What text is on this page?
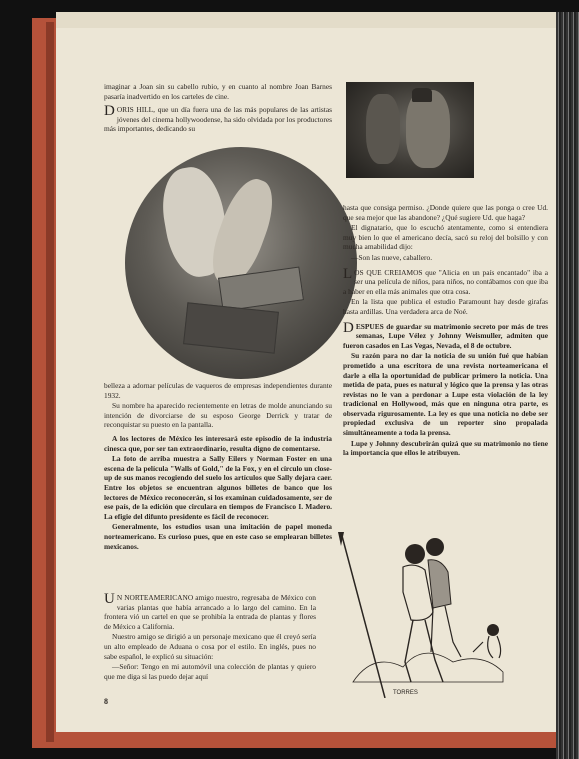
imaginar a Joan sin su cabello rubio, y en cuanto al nombre Joan Barnes pasaría inadvertido en los carteles de cine.

DORIS HILL, que un día fuera una de las más populares de las artistas jóvenes del cinema hollywoodense, ha sido olvidada por los productores más importantes, dedicando su

belleza a adornar películas de vaqueros de empresas independientes durante 1932.

Su nombre ha aparecido recientemente en letras de molde anunciando su intención de divorciarse de su esposo George Derrick y tratar de reconquistar su puesto en la pantalla.

A los lectores de México les interesará este episodio de la industria cinesca que, por ser tan extraordinario, resulta digno de comentarse.

La foto de arriba muestra a Sally Eilers y Norman Foster en una escena de la película "Walls of Gold," de la Fox, y en el círculo un close-up de sus manos recogiendo del suelo los artículos que Sally dejara caer. Entre los objetos se encuentran algunos billetes de banco que los lectores de México reconocerán, si los examinan cuidadosamente, ser de ese país, de la edición que circulara en tiempos de Francisco I. Madero. La efigie del difunto presidente es fácil de reconocer.

Generalmente, los estudios usan una imitación de papel moneda norteamericano. Es curioso pues, que en este caso se emplearan billetes mexicanos.

U N NORTEAMERICANO amigo nuestro, regresaba de México con varias plantas que había arrancado a lo largo del camino. En la frontera vió un cartel en que se prohibía la entrada de plantas y flores de México a California.

Nuestro amigo se dirigió a un personaje mexicano que él creyó sería un alto empleado de Aduana o cosa por el estilo. En inglés, pues no sabe español, le explicó su situación:

—Señor: Tengo en mi automóvil una colección de plantas y quiero que me diga si las puedo dejar aquí

hasta que consiga permiso. ¿Donde quiere que las ponga o cree Ud. que sea mejor que las abandone? ¿Qué sugiere Ud. que haga?

El dignatario, que lo escuchó atentamente, como si entendiera muy bien lo que el americano decía, sacó su reloj del bolsillo y con mucha amabilidad dijo:

—Son las nueve, caballero.

LOS QUE CREIAMOS que "Alicia en un país encantado" iba a ser una película de niños, para niños, no contábamos con que iba a haber en ella más animales que otra cosa.

En la lista que publica el estudio Paramount hay desde girafas hasta ardillas. Una verdadera arca de Noé.

DESPUES de guardar su matrimonio secreto por más de tres semanas, Lupe Vélez y Johnny Weismuller, admiten que fueron casados en Las Vegas, Nevada, el 8 de octubre.

Su razón para no dar la noticia de su unión fué que habían prometido a una escritora de una revista norteamericana el darle a ella la oportunidad de publicar primero la noticia. Una metida de pata, pues es natural y lógico que la prensa y las otras revistas no le van a perdonar a Lupe esta violación de la ley tradicional en Hollywood, más que en ninguna otra parte, es observada rigurosamente. La ley es que una noticia no debe ser propiedad exclusiva de un reporter sino propalada simultáneamente a toda la prensa.

Lupe y Johnny descubrirán quizá que su matrimonio no tiene la importancia que ellos le atribuyen.

TORRES
8
